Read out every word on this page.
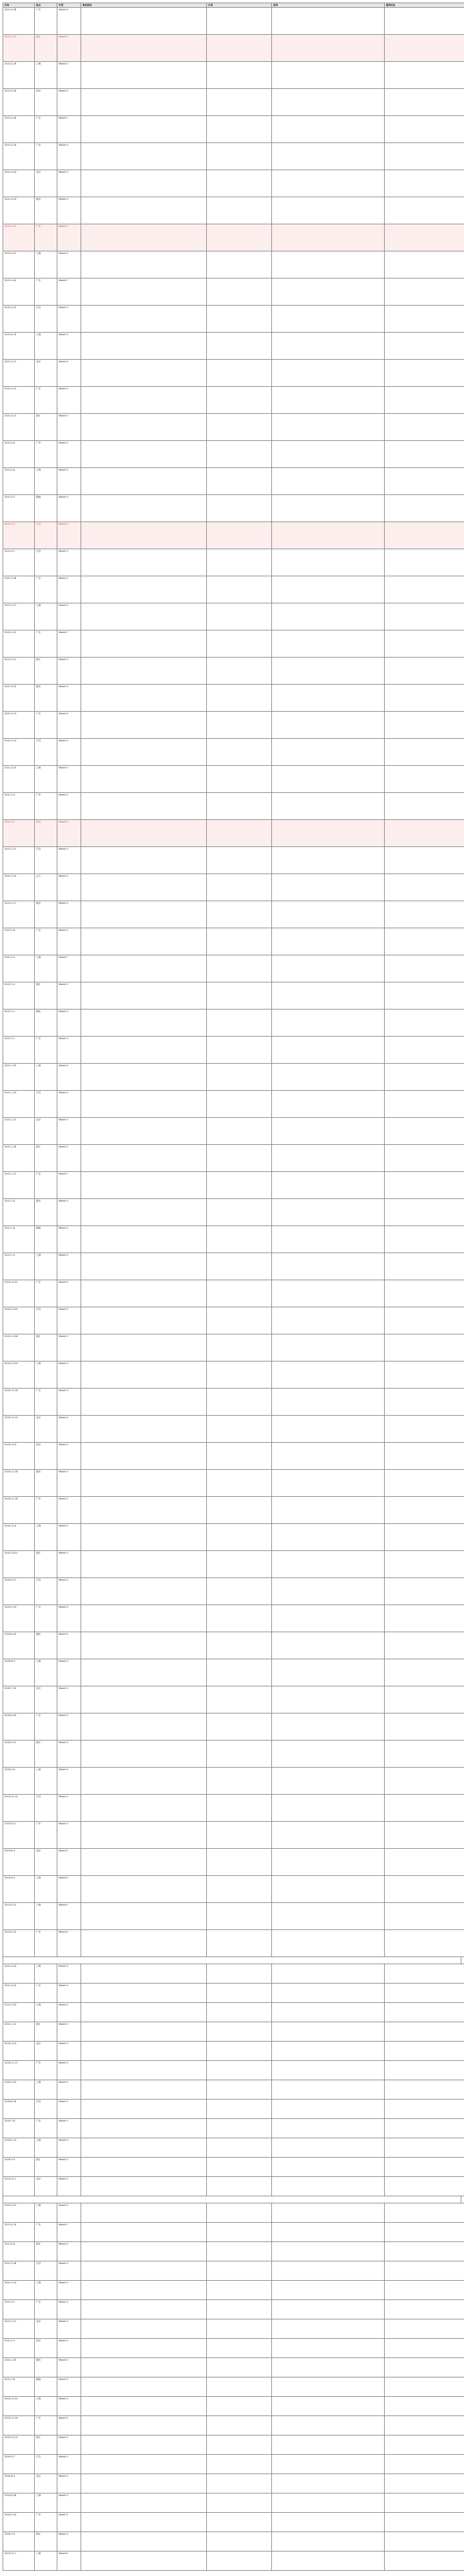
时间	地点	车型	事故简述	后果	原因	最终结论
2021.4.28	广东	Model 3				
2021.4.27	浙江	Model 3				
2021.4.26	上海	Model 3				
2021.4.26	四川	Model 3				
2021.4.26	广东	Model Y				
2021.4.24	广东	Model 3				
2021.4.24	北京	Model 3				
2021.4.23	重庆	Model 3				
2021.4.22	广东	Model 3				
2021.4.21	上海	Model 3				
2021.4.20	广东	Model Y				
2021.4.19	江苏	Model 3				
2021.4.19	上海	Model 3				
2021.4.17	北京	Model 3				
2021.4.15	广东	Model 3				
2021.4.13	浙江	Model 3				
2021.4.8	广东	Model 3				
2021.4.6	上海	Model 3				
2021.4.5	湖南	Model 3				
2021.4.3	江苏	Model 3				
2021.4.1	江苏	Model 3				
2021.3.28	广东	Model 3				
2021.3.27	上海	Model 3				
2021.3.22	广东	Model Y				
2021.3.21	浙江	Model 3				
2021.3.19	重庆	Model 3				
2021.3.14	广东	Model 3				
2021.3.14	江苏	Model 3				
2021.3.10	上海	Model 3				
2021.3.4	广东	Model 3				
2021.3.1	四川	Model 3				
2021.2.27	江苏	Model 3				
2021.2.19	辽宁	Model 3				
2021.2.17	重庆	Model 3				
2021.2.6	广东	Model 3				
2021.2.5	上海	Model Y				
2021.2.4	浙江	Model 3				
2021.2.2	湖北	Model 3				
2021.2.1	广东	Model 3				
2021.1.29	上海	Model 3				
2021.1.23	江苏	Model 3				
2021.1.21	北京	Model 3				
2021.1.18	浙江	Model 3				
2021.1.12	广东	Model Y				
2021.1.8	重庆	Model 3				
2021.1.6	湖南	Model 3				
2021.1.4	上海	Model 3				
2020.12.31	广东	Model 3				
2020.12.29	江苏	Model 3				
2020.12.26	浙江	Model 3				
2020.12.20	上海	Model 3				
2020.12.16	广东	Model 3				
2020.12.10	北京	Model 3				
2020.12.3	四川	Model 3				
2020.11.28	重庆	Model 3				
2020.11.18	广东	Model 3				
2020.11.6	上海	Model 3				
2020.10.21	浙江	Model 3				
2020.9.27	江苏	Model 3				
2020.9.14	广东	Model 3				
2020.8.20	湖北	Model 3				
2020.8.9	上海	Model 3				
2020.7.30	北京	Model 3				
2020.6.29	广东	Model 3				
2020.5.12	浙江	Model 3				
2020.4.6	上海	Model 3				
2019.12.10	江苏	Model 3				
2019.9.11	广东	Model 3				
2019.8.3	北京	Model S				
2019.6.4	上海	Model S				
2019.4.21	上海	Model S				
2018.5.22	广东	Model S				
2021.4.24	上海	Model 3				
2021.4.10	广东	Model 3				
2021.3.23	上海	Model 3				
2021.1.14	浙江	Model 3				
2020.12.4	北京	Model 3				
2020.11.17	广东	Model 3				
2020.9.23	上海	Model 3				
2020.8.18	江苏	Model 3				
2020.7.8	广东	Model 3				
2020.5.13	上海	Model 3				
2020.3.9	浙江	Model 3				
2019.12.1	北京	Model 3				
2021.4.22	上海	Model 3				
2021.4.19	广东	Model Y				
2021.4.6	浙江	Model 3				
2021.3.28	江苏	Model 3				
2021.3.14	上海	Model 3				
2021.3.1	广东	Model 3				
2021.2.17	北京	Model 3				
2021.2.4	四川	Model 3				
2021.1.20	重庆	Model 3				
2021.1.6	湖南	Model 3				
2020.12.20	上海	Model 3				
2020.11.26	广东	Model 3				
2020.10.19	浙江	Model 3				
2020.9.7	江苏	Model 3				
2020.8.4	北京	Model 3				
2020.6.28	上海	Model 3				
2020.5.13	广东	Model 3				
2020.3.9	浙江	Model 3				
2019.12.1	上海	Model S				
